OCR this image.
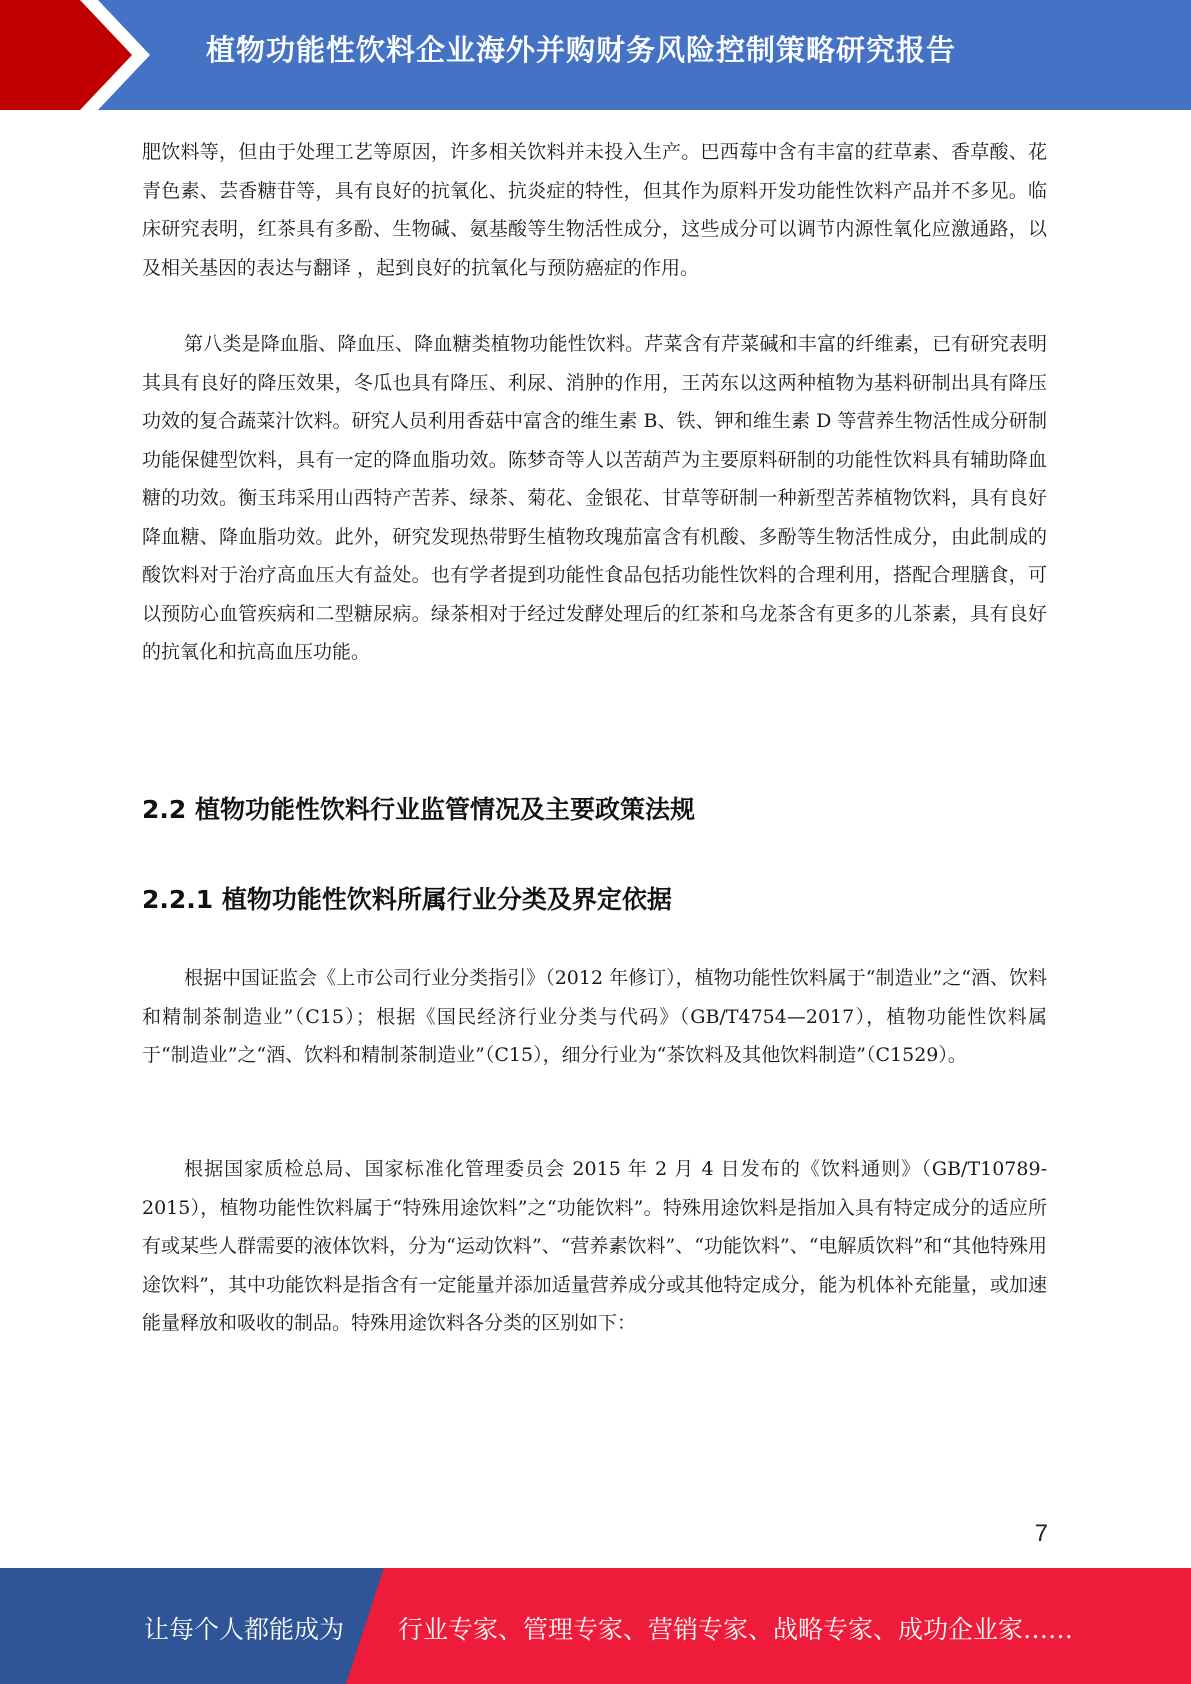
植物功能性饮料企业海外并购财务风险控制策略研究报告

肥饮料等，但由于处理工艺等原因，许多相关饮料并未投入生产。巴西莓中含有丰富的荭草素、香草酸、花青色素、芸香糖苷等，具有良好的抗氧化、抗炎症的特性，但其作为原料开发功能性饮料产品并不多见。临床研究表明，红茶具有多酚、生物碱、氨基酸等生物活性成分，这些成分可以调节内源性氧化应激通路，以及相关基因的表达与翻译 ，起到良好的抗氧化与预防癌症的作用。

第八类是降血脂、降血压、降血糖类植物功能性饮料。芹菜含有芹菜碱和丰富的纤维素，已有研究表明其具有良好的降压效果，冬瓜也具有降压、利尿、消肿的作用，王芮东以这两种植物为基料研制出具有降压功效的复合蔬菜汁饮料。研究人员利用香菇中富含的维生素 B、铁、钾和维生素 D 等营养生物活性成分研制功能保健型饮料，具有一定的降血脂功效。陈梦奇等人以苦葫芦为主要原料研制的功能性饮料具有辅助降血糖的功效。衡玉玮采用山西特产苦荞、绿茶、菊花、金银花、甘草等研制一种新型苦荞植物饮料，具有良好降血糖、降血脂功效。此外，研究发现热带野生植物玫瑰茄富含有机酸、多酚等生物活性成分，由此制成的酸饮料对于治疗高血压大有益处。也有学者提到功能性食品包括功能性饮料的合理利用，搭配合理膳食，可以预防心血管疾病和二型糖尿病。绿茶相对于经过发酵处理后的红茶和乌龙茶含有更多的儿茶素，具有良好的抗氧化和抗高血压功能。

2.2 植物功能性饮料行业监管情况及主要政策法规
2.2.1 植物功能性饮料所属行业分类及界定依据

根据中国证监会《上市公司行业分类指引》（2012 年修订），植物功能性饮料属于“制造业”之“酒、饮料和精制茶制造业”（C15）；根据《国民经济行业分类与代码》（GB/T4754—2017），植物功能性饮料属于“制造业”之“酒、饮料和精制茶制造业”（C15），细分行业为“茶饮料及其他饮料制造”（C1529）。

根据国家质检总局、国家标准化管理委员会 2015 年 2 月 4 日发布的《饮料通则》（GB/T10789-2015），植物功能性饮料属于“特殊用途饮料”之“功能饮料”。特殊用途饮料是指加入具有特定成分的适应所有或某些人群需要的液体饮料，分为“运动饮料”、“营养素饮料”、“功能饮料”、“电解质饮料”和“其他特殊用途饮料”，其中功能饮料是指含有一定能量并添加适量营养成分或其他特定成分，能为机体补充能量，或加速能量释放和吸收的制品。特殊用途饮料各分类的区别如下：

7
让每个人都能成为 行业专家、管理专家、营销专家、战略专家、成功企业家……
